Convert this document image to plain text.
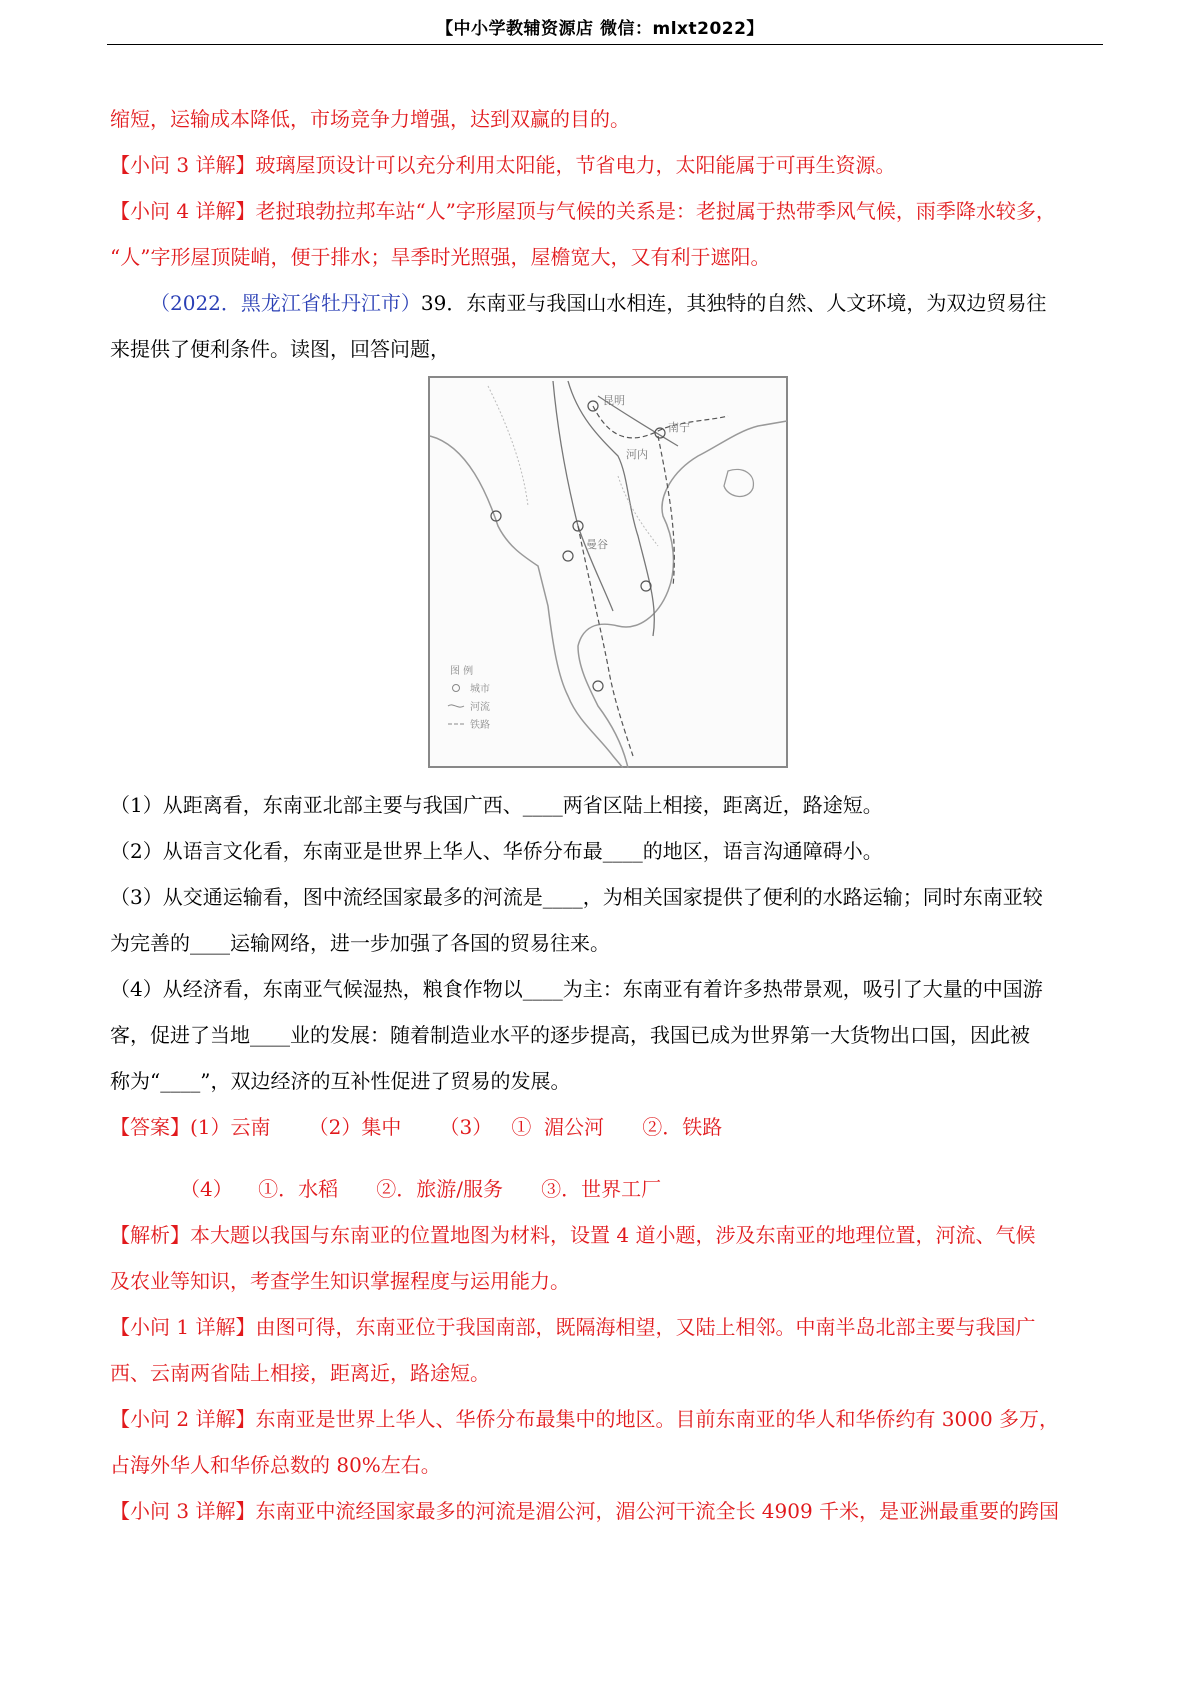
【中小学教辅资源店 微信：mlxt2022】
缩短，运输成本降低，市场竞争力增强，达到双赢的目的。
【小问 3 详解】玻璃屋顶设计可以充分利用太阳能，节省电力，太阳能属于可再生资源。
【小问 4 详解】老挝琅勃拉邦车站“人”字形屋顶与气候的关系是：老挝属于热带季风气候，雨季降水较多，
“人”字形屋顶陡峭，便于排水；旱季时光照强，屋檐宽大，又有利于遮阳。
（2022．黑龙江省牡丹江市）39．东南亚与我国山水相连，其独特的自然、人文环境，为双边贸易往
来提供了便利条件。读图，回答问题，
昆明
南宁
曼谷
河内
图 例
城市
河流
铁路
（1）从距离看，东南亚北部主要与我国广西、____两省区陆上相接，距离近，路途短。
（2）从语言文化看，东南亚是世界上华人、华侨分布最____的地区，语言沟通障碍小。
（3）从交通运输看，图中流经国家最多的河流是____，为相关国家提供了便利的水路运输；同时东南亚较
为完善的____运输网络，进一步加强了各国的贸易往来。
（4）从经济看，东南亚气候湿热，粮食作物以____为主：东南亚有着许多热带景观，吸引了大量的中国游
客，促进了当地____业的发展：随着制造业水平的逐步提高，我国已成为世界第一大货物出口国，因此被
称为“____”，双边经济的互补性促进了贸易的发展。
【答案】(1）云南      （2）集中      （3）   ①  湄公河      ②．铁路
（4）    ①．水稻      ②．旅游/服务      ③．世界工厂
【解析】本大题以我国与东南亚的位置地图为材料，设置 4 道小题，涉及东南亚的地理位置，河流、气候
及农业等知识，考查学生知识掌握程度与运用能力。
【小问 1 详解】由图可得，东南亚位于我国南部，既隔海相望，又陆上相邻。中南半岛北部主要与我国广
西、云南两省陆上相接，距离近，路途短。
【小问 2 详解】东南亚是世界上华人、华侨分布最集中的地区。目前东南亚的华人和华侨约有 3000 多万，
占海外华人和华侨总数的 80%左右。
【小问 3 详解】东南亚中流经国家最多的河流是湄公河，湄公河干流全长 4909 千米，是亚洲最重要的跨国
